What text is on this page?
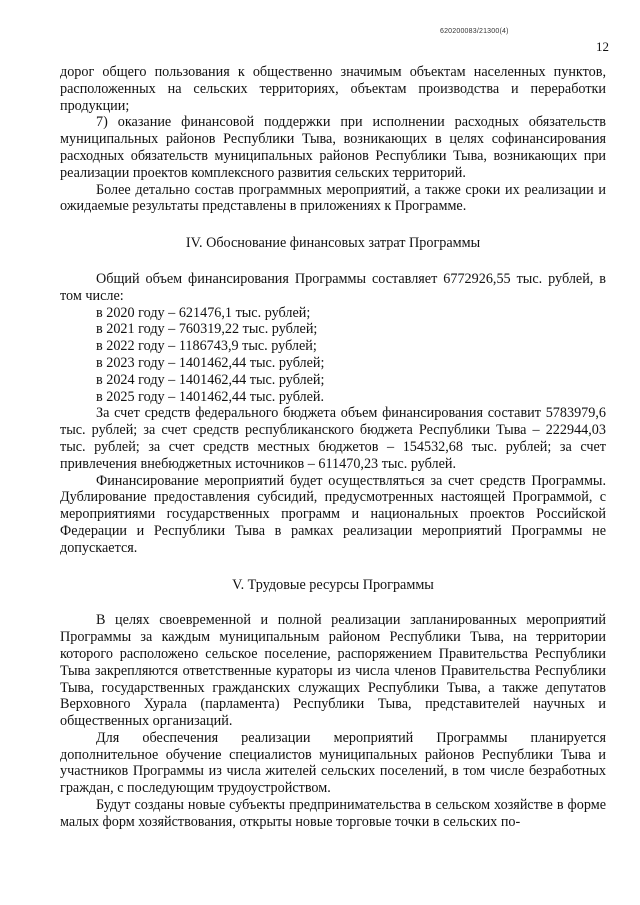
620200083/21300(4)
12

дорог общего пользования к общественно значимым объектам населенных пунктов, расположенных на сельских территориях, объектам производства и переработки продукции;

7) оказание финансовой поддержки при исполнении расходных обязательств муниципальных районов Республики Тыва, возникающих в целях софинансирования расходных обязательств муниципальных районов Республики Тыва, возникающих при реализации проектов комплексного развития сельских территорий.

Более детально состав программных мероприятий, а также сроки их реализации и ожидаемые результаты представлены в приложениях к Программе.

IV. Обоснование финансовых затрат Программы

Общий объем финансирования Программы составляет 6772926,55 тыс. рублей, в том числе:

в 2020 году – 621476,1 тыс. рублей;
в 2021 году – 760319,22 тыс. рублей;
в 2022 году – 1186743,9 тыс. рублей;
в 2023 году – 1401462,44 тыс. рублей;
в 2024 году – 1401462,44 тыс. рублей;
в 2025 году – 1401462,44 тыс. рублей.

За счет средств федерального бюджета объем финансирования составит 5783979,6 тыс. рублей; за счет средств республиканского бюджета Республики Тыва – 222944,03 тыс. рублей; за счет средств местных бюджетов – 154532,68 тыс. рублей; за счет привлечения внебюджетных источников – 611470,23 тыс. рублей.

Финансирование мероприятий будет осуществляться за счет средств Программы. Дублирование предоставления субсидий, предусмотренных настоящей Программой, с мероприятиями государственных программ и национальных проектов Российской Федерации и Республики Тыва в рамках реализации мероприятий Программы не допускается.

V. Трудовые ресурсы Программы

В целях своевременной и полной реализации запланированных мероприятий Программы за каждым муниципальным районом Республики Тыва, на территории которого расположено сельское поселение, распоряжением Правительства Республики Тыва закрепляются ответственные кураторы из числа членов Правительства Республики Тыва, государственных гражданских служащих Республики Тыва, а также депутатов Верховного Хурала (парламента) Республики Тыва, представителей научных и общественных организаций.

Для обеспечения реализации мероприятий Программы планируется дополнительное обучение специалистов муниципальных районов Республики Тыва и участников Программы из числа жителей сельских поселений, в том числе безработных граждан, с последующим трудоустройством.

Будут созданы новые субъекты предпринимательства в сельском хозяйстве в форме малых форм хозяйствования, открыты новые торговые точки в сельских по-
